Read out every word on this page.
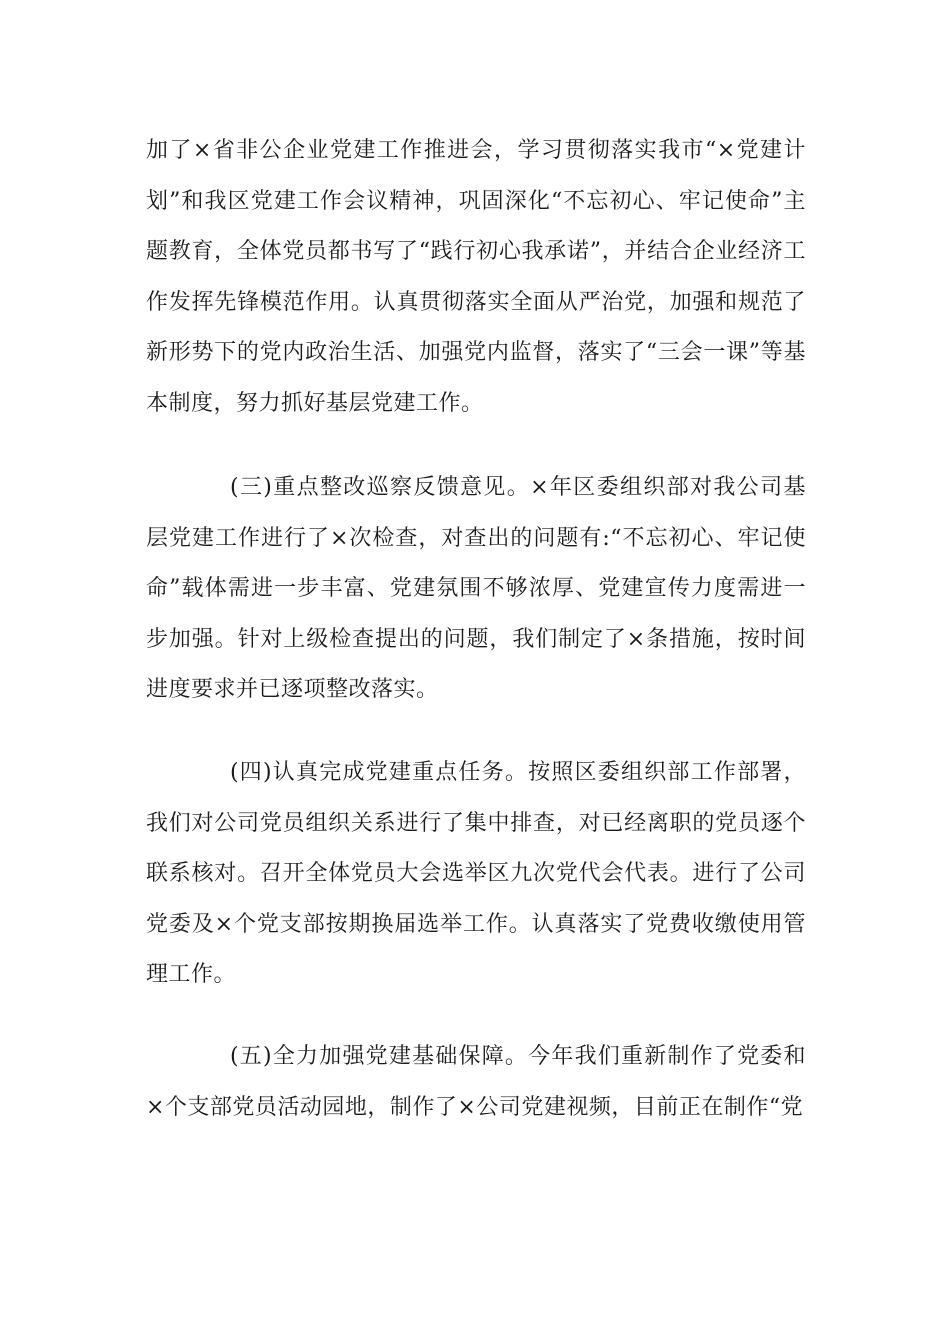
加了×省非公企业党建工作推进会，学习贯彻落实我市“×党建计划”和我区党建工作会议精神，巩固深化“不忘初心、牢记使命”主题教育，全体党员都书写了“践行初心我承诺”，并结合企业经济工作发挥先锋模范作用。认真贯彻落实全面从严治党，加强和规范了新形势下的党内政治生活、加强党内监督，落实了“三会一课”等基本制度，努力抓好基层党建工作。

(三)重点整改巡察反馈意见。×年区委组织部对我公司基层党建工作进行了×次检查，对查出的问题有:“不忘初心、牢记使命”载体需进一步丰富、党建氛围不够浓厚、党建宣传力度需进一步加强。针对上级检查提出的问题，我们制定了×条措施，按时间进度要求并已逐项整改落实。

(四)认真完成党建重点任务。按照区委组织部工作部署，我们对公司党员组织关系进行了集中排查，对已经离职的党员逐个联系核对。召开全体党员大会选举区九次党代会代表。进行了公司党委及×个党支部按期换届选举工作。认真落实了党费收缴使用管理工作。

(五)全力加强党建基础保障。今年我们重新制作了党委和×个支部党员活动园地，制作了×公司党建视频，目前正在制作“党
